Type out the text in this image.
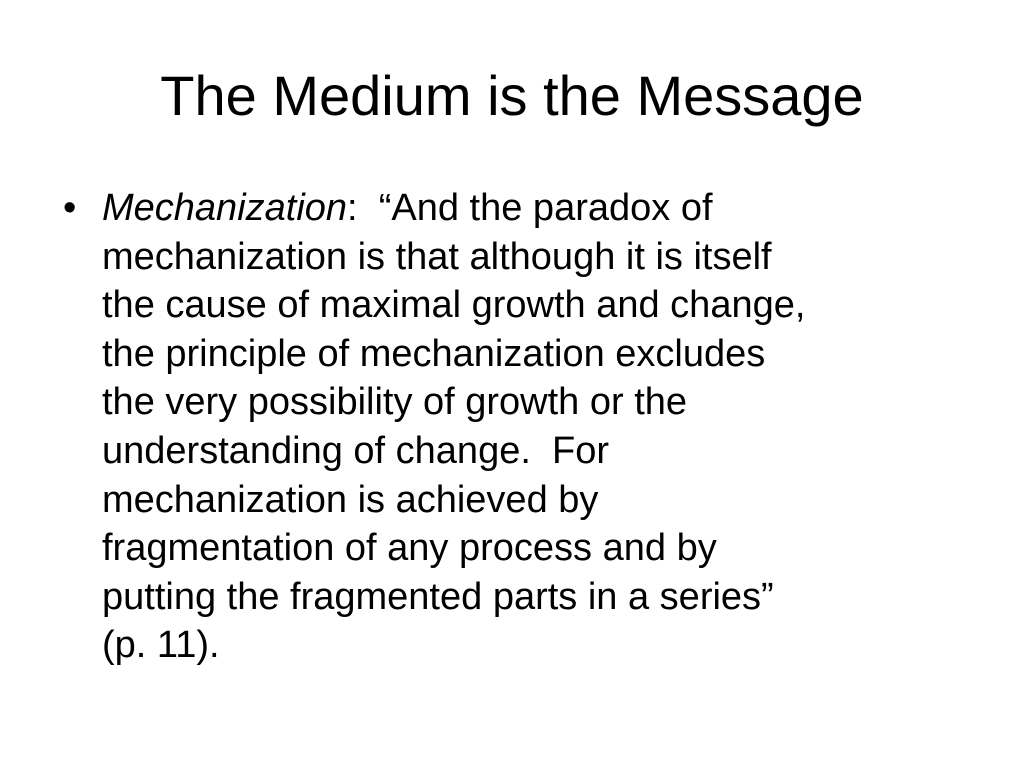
The Medium is the Message
• Mechanization:  “And the paradox of
mechanization is that although it is itself
the cause of maximal growth and change,
the principle of mechanization excludes
the very possibility of growth or the
understanding of change.  For
mechanization is achieved by
fragmentation of any process and by
putting the fragmented parts in a series”
(p. 11).
